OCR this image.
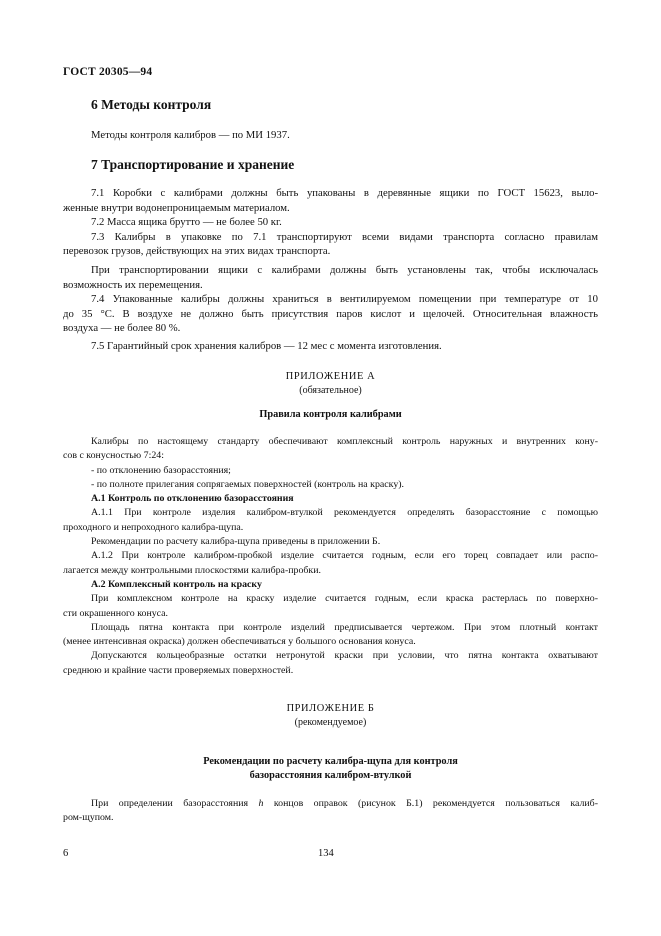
ГОСТ 20305—94
6 Методы контроля

Методы контроля калибров — по МИ 1937.

7 Транспортирование и хранение

7.1 Коробки с калибрами должны быть упакованы в деревянные ящики по ГОСТ 15623, выло-

женные внутри водонепроницаемым материалом.

7.2 Масса ящика брутто — не более 50 кг.

7.3 Калибры в упаковке по 7.1 транспортируют всеми видами транспорта согласно правилам

перевозок грузов, действующих на этих видах транспорта.

При транспортировании ящики с калибрами должны быть установлены так, чтобы исключалась

возможность их перемещения.

7.4 Упакованные калибры должны храниться в вентилируемом помещении при температуре от 10

до 35 °С. В воздухе не должно быть присутствия паров кислот и щелочей. Относительная влажность

воздуха — не более 80 %.

7.5 Гарантийный срок хранения калибров — 12 мес с момента изготовления.

ПРИЛОЖЕНИЕ А
(обязательное)
Правила контроля калибрами

Калибры по настоящему стандарту обеспечивают комплексный контроль наружных и внутренних кону-

сов с конусностью 7:24:

- по отклонению базорасстояния;

- по полноте прилегания сопрягаемых поверхностей (контроль на краску).

А.1 Контроль по отклонению базорасстояния

А.1.1 При контроле изделия калибром-втулкой рекомендуется определять базорасстояние с помощью

проходного и непроходного калибра-щупа.

Рекомендации по расчету калибра-щупа приведены в приложении Б.

А.1.2 При контроле калибром-пробкой изделие считается годным, если его торец совпадает или распо-

лагается между контрольными плоскостями калибра-пробки.

А.2 Комплексный контроль на краску

При комплексном контроле на краску изделие считается годным, если краска растерлась по поверхно-

сти окрашенного конуса.

Площадь пятна контакта при контроле изделий предписывается чертежом. При этом плотный контакт

(менее интенсивная окраска) должен обеспечиваться у большого основания конуса.

Допускаются кольцеобразные остатки нетронутой краски при условии, что пятна контакта охватывают

среднюю и крайние части проверяемых поверхностей.

ПРИЛОЖЕНИЕ Б
(рекомендуемое)
Рекомендации по расчету калибра-щупа для контроля
базорасстояния калибром-втулкой

При определении базорасстояния h концов оправок (рисунок Б.1) рекомендуется пользоваться калиб-

ром-щупом.

6	134
